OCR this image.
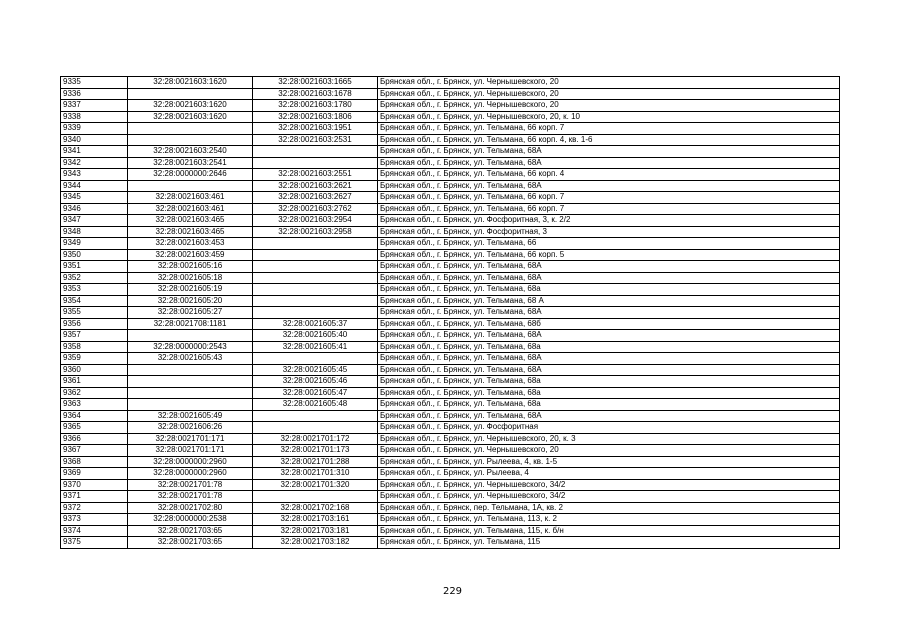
9335	32:28:0021603:1620	32:28:0021603:1665	Брянская обл., г. Брянск, ул. Чернышевского, 20
9336		32:28:0021603:1678	Брянская обл., г. Брянск, ул. Чернышевского, 20
9337	32:28:0021603:1620	32:28:0021603:1780	Брянская обл., г. Брянск, ул. Чернышевского, 20
9338	32:28:0021603:1620	32:28:0021603:1806	Брянская обл., г. Брянск, ул. Чернышевского, 20, к. 10
9339		32:28:0021603:1951	Брянская обл., г. Брянск, ул. Тельмана, 66 корп. 7
9340		32:28:0021603:2531	Брянская обл., г. Брянск, ул. Тельмана, 66 корп. 4, кв. 1-6
9341	32:28:0021603:2540		Брянская обл., г. Брянск, ул. Тельмана, 68А
9342	32:28:0021603:2541		Брянская обл., г. Брянск, ул. Тельмана, 68А
9343	32:28:0000000:2646	32:28:0021603:2551	Брянская обл., г. Брянск, ул. Тельмана, 66 корп. 4
9344		32:28:0021603:2621	Брянская обл., г. Брянск, ул. Тельмана, 68А
9345	32:28:0021603:461	32:28:0021603:2627	Брянская обл., г. Брянск, ул. Тельмана, 66 корп. 7
9346	32:28:0021603:461	32:28:0021603:2762	Брянская обл., г. Брянск, ул. Тельмана, 66 корп. 7
9347	32:28:0021603:465	32:28:0021603:2954	Брянская обл., г. Брянск, ул. Фосфоритная, 3, к. 2/2
9348	32:28:0021603:465	32:28:0021603:2958	Брянская обл., г. Брянск, ул. Фосфоритная, 3
9349	32:28:0021603:453		Брянская обл., г. Брянск, ул. Тельмана, 66
9350	32:28:0021603:459		Брянская обл., г. Брянск, ул. Тельмана, 66 корп. 5
9351	32:28:0021605:16		Брянская обл., г. Брянск, ул. Тельмана, 68А
9352	32:28:0021605:18		Брянская обл., г. Брянск, ул. Тельмана, 68А
9353	32:28:0021605:19		Брянская обл., г. Брянск, ул. Тельмана, 68а
9354	32:28:0021605:20		Брянская обл., г. Брянск, ул. Тельмана, 68 А
9355	32:28:0021605:27		Брянская обл., г. Брянск, ул. Тельмана, 68А
9356	32:28:0021708:1181	32:28:0021605:37	Брянская обл., г. Брянск, ул. Тельмана, 68б
9357		32:28:0021605:40	Брянская обл., г. Брянск, ул. Тельмана, 68А
9358	32:28:0000000:2543	32:28:0021605:41	Брянская обл., г. Брянск, ул. Тельмана, 68а
9359	32:28:0021605:43		Брянская обл., г. Брянск, ул. Тельмана, 68А
9360		32:28:0021605:45	Брянская обл., г. Брянск, ул. Тельмана, 68А
9361		32:28:0021605:46	Брянская обл., г. Брянск, ул. Тельмана, 68а
9362		32:28:0021605:47	Брянская обл., г. Брянск, ул. Тельмана, 68а
9363		32:28:0021605:48	Брянская обл., г. Брянск, ул. Тельмана, 68а
9364	32:28:0021605:49		Брянская обл., г. Брянск, ул. Тельмана, 68А
9365	32:28:0021606:26		Брянская обл., г. Брянск, ул. Фосфоритная
9366	32:28:0021701:171	32:28:0021701:172	Брянская обл., г. Брянск, ул. Чернышевского, 20, к. 3
9367	32:28:0021701:171	32:28:0021701:173	Брянская обл., г. Брянск, ул. Чернышевского, 20
9368	32:28:0000000:2960	32:28:0021701:288	Брянская обл., г. Брянск, ул. Рылеева, 4, кв. 1-5
9369	32:28:0000000:2960	32:28:0021701:310	Брянская обл., г. Брянск, ул. Рылеева, 4
9370	32:28:0021701:78	32:28:0021701:320	Брянская обл., г. Брянск, ул. Чернышевского, 34/2
9371	32:28:0021701:78		Брянская обл., г. Брянск, ул. Чернышевского, 34/2
9372	32:28:0021702:80	32:28:0021702:168	Брянская обл., г. Брянск, пер. Тельмана, 1А, кв. 2
9373	32:28:0000000:2538	32:28:0021703:161	Брянская обл., г. Брянск, ул. Тельмана, 113, к. 2
9374	32:28:0021703:65	32:28:0021703:181	Брянская обл., г. Брянск, ул. Тельмана, 115, к. б/н
9375	32:28:0021703:65	32:28:0021703:182	Брянская обл., г. Брянск, ул. Тельмана, 115
229
